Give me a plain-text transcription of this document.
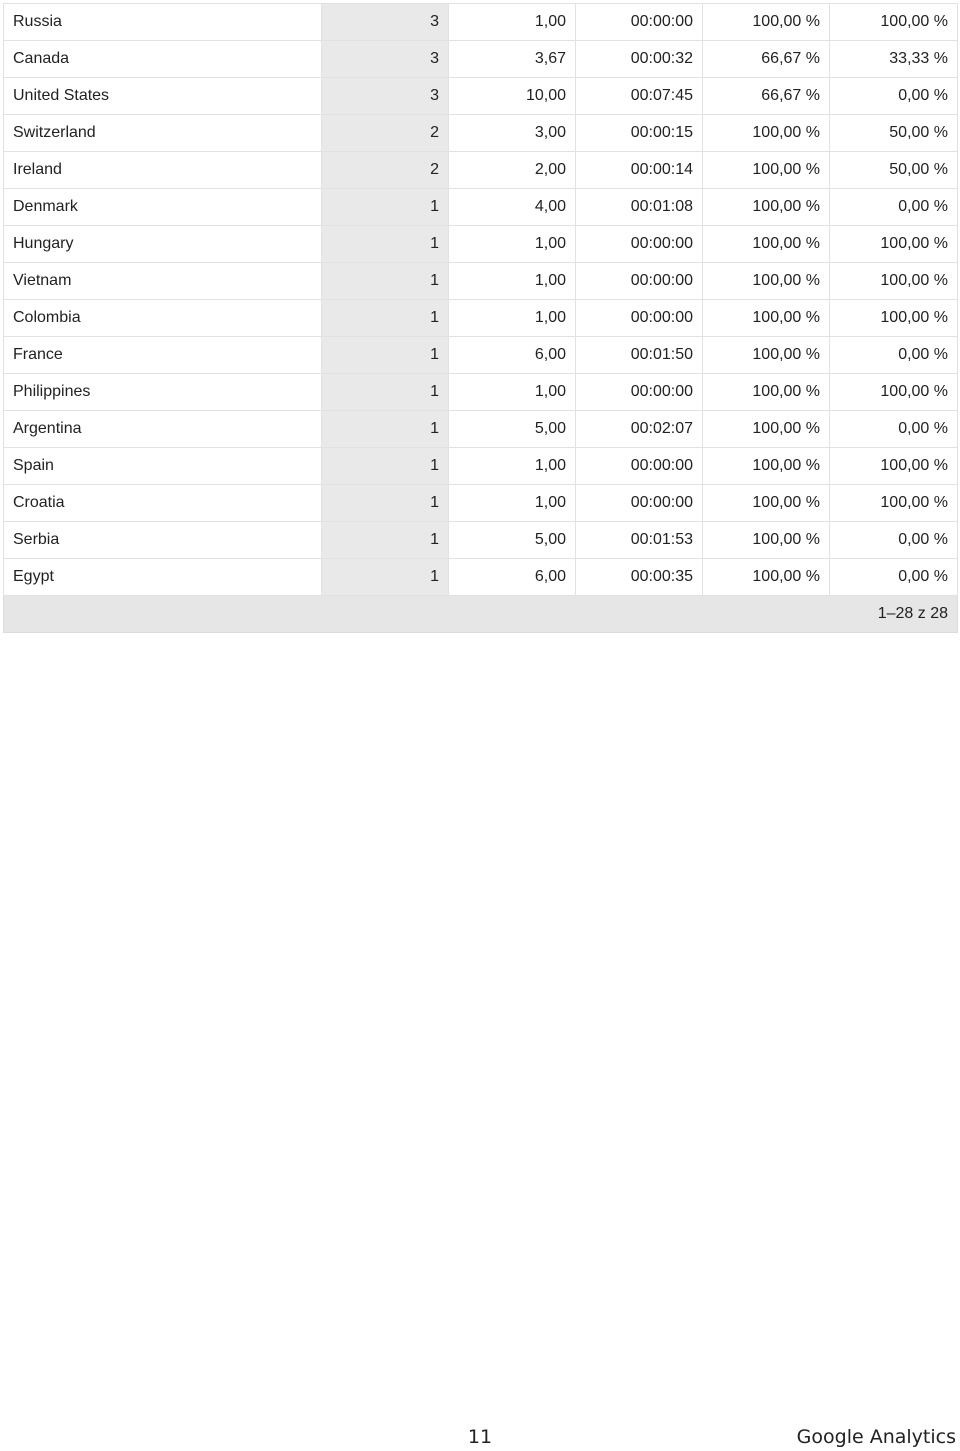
Russia	3	1,00	00:00:00	100,00 %	100,00 %
Canada	3	3,67	00:00:32	66,67 %	33,33 %
United States	3	10,00	00:07:45	66,67 %	0,00 %
Switzerland	2	3,00	00:00:15	100,00 %	50,00 %
Ireland	2	2,00	00:00:14	100,00 %	50,00 %
Denmark	1	4,00	00:01:08	100,00 %	0,00 %
Hungary	1	1,00	00:00:00	100,00 %	100,00 %
Vietnam	1	1,00	00:00:00	100,00 %	100,00 %
Colombia	1	1,00	00:00:00	100,00 %	100,00 %
France	1	6,00	00:01:50	100,00 %	0,00 %
Philippines	1	1,00	00:00:00	100,00 %	100,00 %
Argentina	1	5,00	00:02:07	100,00 %	0,00 %
Spain	1	1,00	00:00:00	100,00 %	100,00 %
Croatia	1	1,00	00:00:00	100,00 %	100,00 %
Serbia	1	5,00	00:01:53	100,00 %	0,00 %
Egypt	1	6,00	00:00:35	100,00 %	0,00 %
1–28 z 28					
11	Google Analytics
